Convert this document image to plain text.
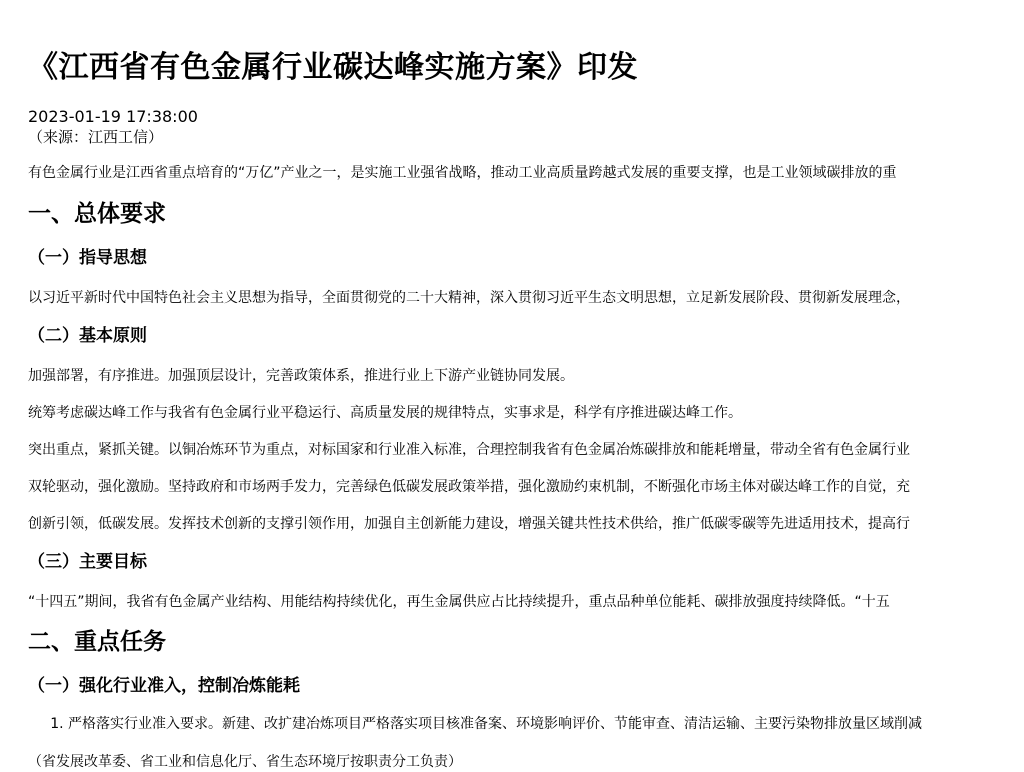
《江西省有色金属行业碳达峰实施方案》印发
2023-01-19 17:38:00
（来源：江西工信）

有色金属行业是江西省重点培育的“万亿”产业之一，是实施工业强省战略，推动工业高质量跨越式发展的重要支撑，也是工业领域碳排放的重

一、总体要求
（一）指导思想

以习近平新时代中国特色社会主义思想为指导，全面贯彻党的二十大精神，深入贯彻习近平生态文明思想，立足新发展阶段、贯彻新发展理念，

（二）基本原则

加强部署，有序推进。加强顶层设计，完善政策体系，推进行业上下游产业链协同发展。

统筹考虑碳达峰工作与我省有色金属行业平稳运行、高质量发展的规律特点，实事求是，科学有序推进碳达峰工作。

突出重点，紧抓关键。以铜冶炼环节为重点，对标国家和行业准入标准，合理控制我省有色金属冶炼碳排放和能耗增量，带动全省有色金属行业

双轮驱动，强化激励。坚持政府和市场两手发力，完善绿色低碳发展政策举措，强化激励约束机制，不断强化市场主体对碳达峰工作的自觉，充

创新引领，低碳发展。发挥技术创新的支撑引领作用，加强自主创新能力建设，增强关键共性技术供给，推广低碳零碳等先进适用技术，提高行

（三）主要目标

“十四五”期间，我省有色金属产业结构、用能结构持续优化，再生金属供应占比持续提升，重点品种单位能耗、碳排放强度持续降低。“十五

二、重点任务
（一）强化行业准入，控制冶炼能耗
1. 严格落实行业准入要求。新建、改扩建冶炼项目严格落实项目核准备案、环境影响评价、节能审查、清洁运输、主要污染物排放量区域削减
（省发展改革委、省工业和信息化厅、省生态环境厅按职责分工负责）
